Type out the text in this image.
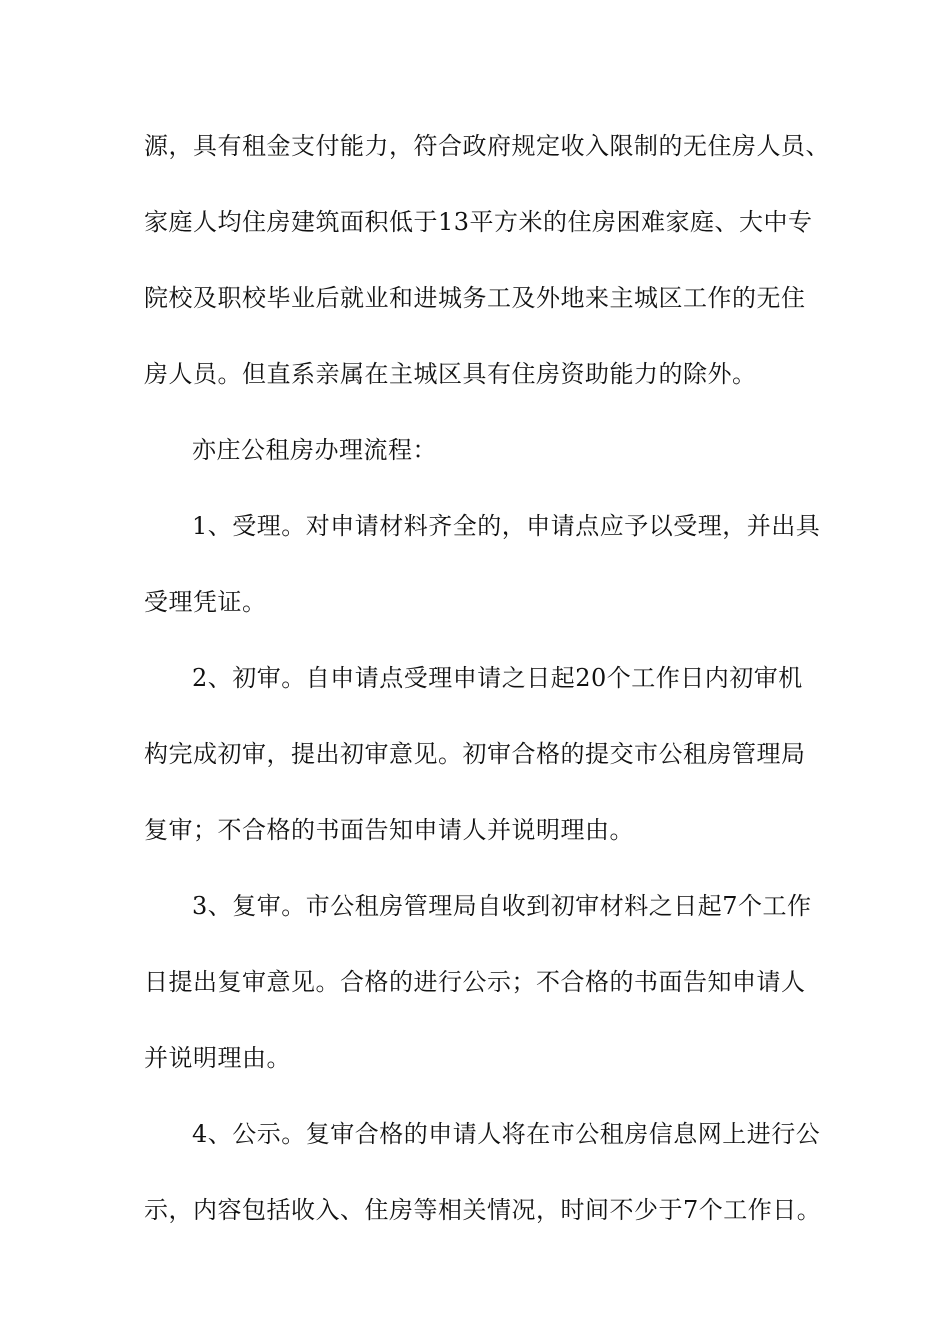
源，具有租金支付能力，符合政府规定收入限制的无住房人员、
家庭人均住房建筑面积低于13平方米的住房困难家庭、大中专
院校及职校毕业后就业和进城务工及外地来主城区工作的无住
房人员。但直系亲属在主城区具有住房资助能力的除外。
亦庄公租房办理流程：
1、受理。对申请材料齐全的，申请点应予以受理，并出具
受理凭证。
2、初审。自申请点受理申请之日起20个工作日内初审机
构完成初审，提出初审意见。初审合格的提交市公租房管理局
复审；不合格的书面告知申请人并说明理由。
3、复审。市公租房管理局自收到初审材料之日起7个工作
日提出复审意见。合格的进行公示；不合格的书面告知申请人
并说明理由。
4、公示。复审合格的申请人将在市公租房信息网上进行公
示，内容包括收入、住房等相关情况，时间不少于7个工作日。
